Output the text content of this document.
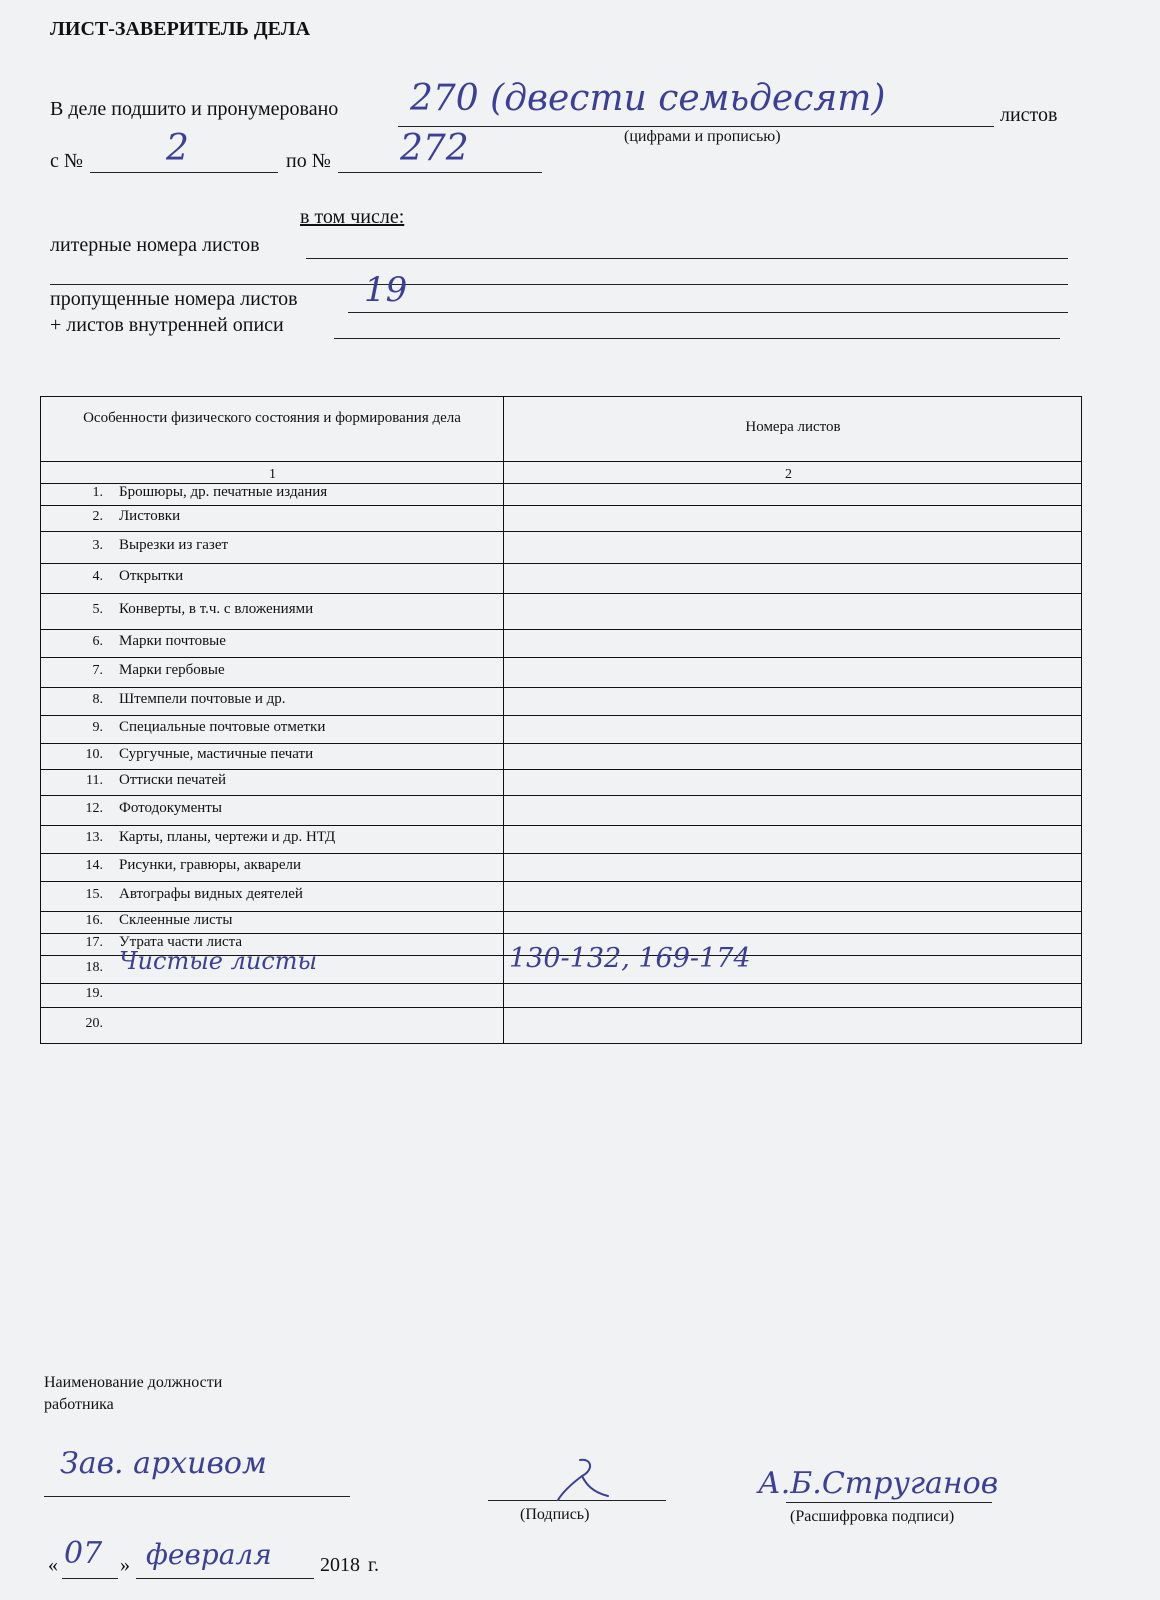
ЛИСТ-ЗАВЕРИТЕЛЬ ДЕЛА
В деле подшито и пронумеровано 270 (двести семьдесят)	листов
(цифрами и прописью)
с № 2	по № 272
в том числе:
литерные номера листов
пропущенные номера листов 19
+ листов внутренней описи
Особенности физического состояния и формирования дела
Номера листов
1	2
1. Брошюры, др. печатные издания
2. Листовки
3. Вырезки из газет
4. Открытки
5. Конверты, в т.ч. с вложениями
6. Марки почтовые
7. Марки гербовые
8. Штемпели почтовые и др.
9. Специальные почтовые отметки
10. Сургучные, мастичные печати
11. Оттиски печатей
12. Фотодокументы
13. Карты, планы, чертежи и др. НТД
14. Рисунки, гравюры, акварели
15. Автографы видных деятелей
16. Склеенные листы
17. Утрата части листа
18. Чистые листы	130-132, 169-174
19.
20.
Наименование должности
работника
Зав. архивом
(Подпись)
А.Б.Струганов
(Расшифровка подписи)
« 07 » февраля 2018 г.
